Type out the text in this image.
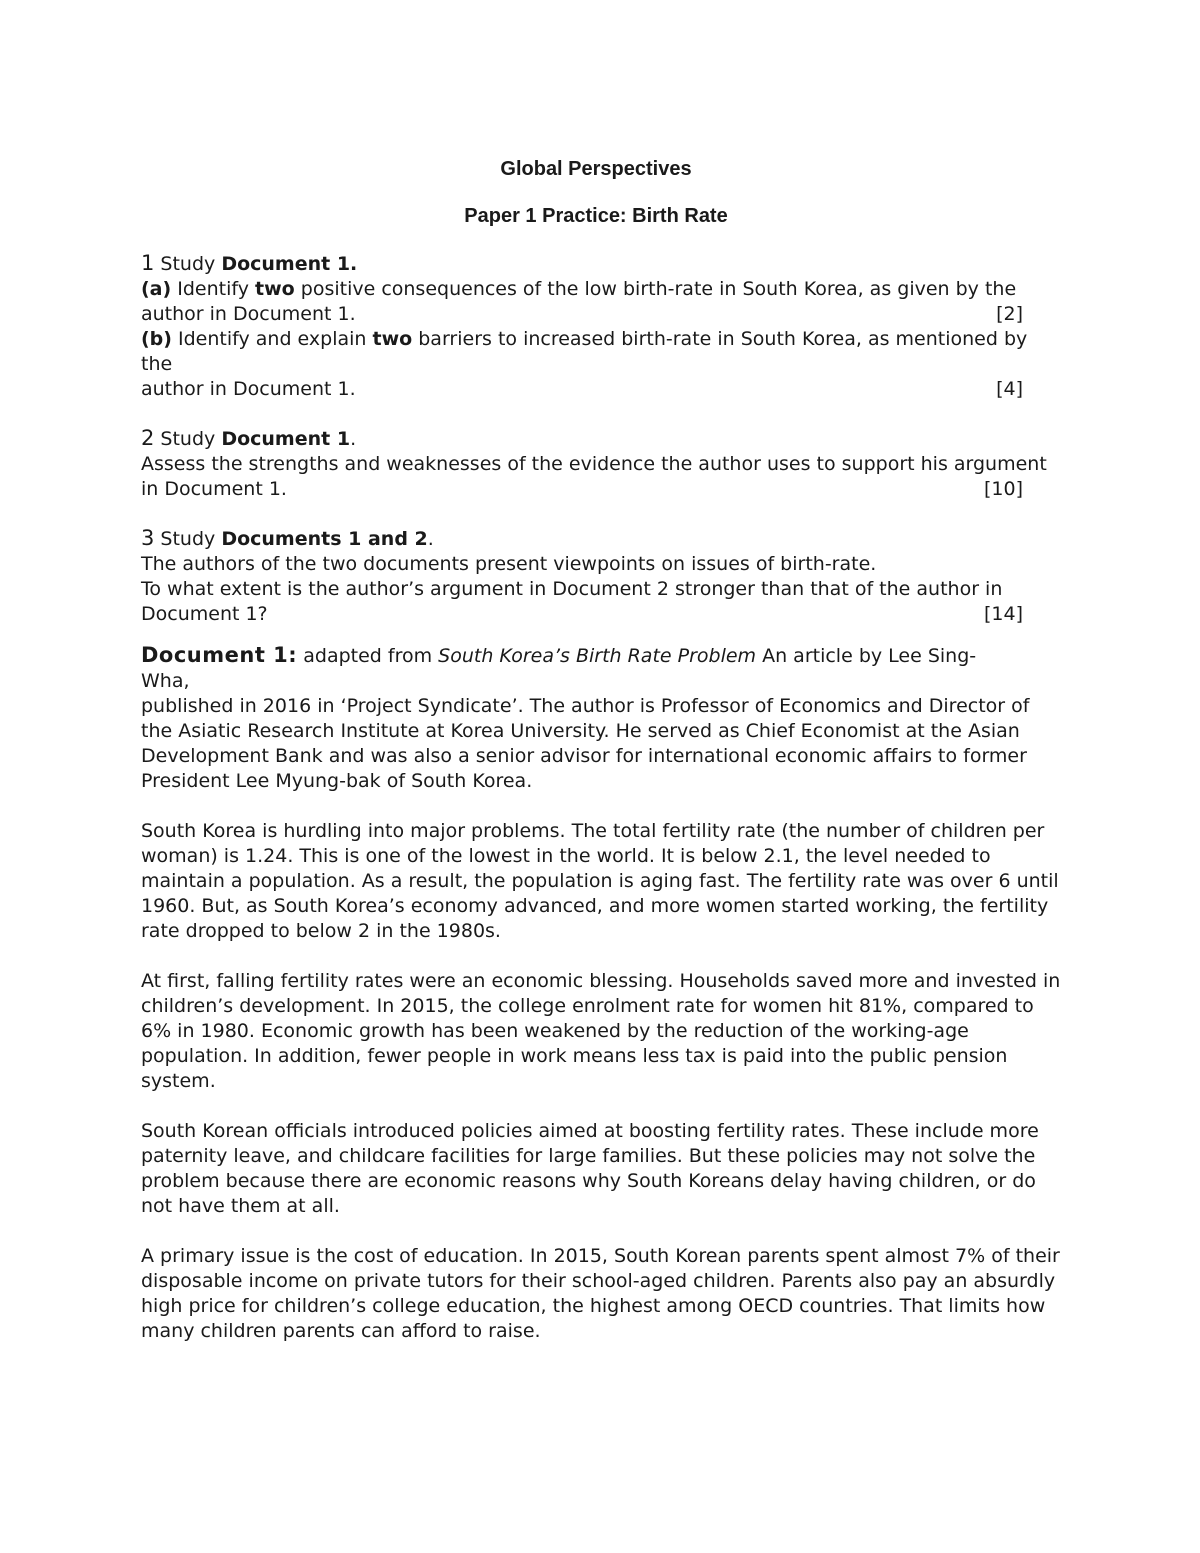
Global Perspectives
Paper 1 Practice: Birth Rate
1 Study Document 1.
(a) Identify two positive consequences of the low birth-rate in South Korea, as given by the
author in Document 1.	[2]
(b) Identify and explain two barriers to increased birth-rate in South Korea, as mentioned by
the
author in Document 1.	[4]
2 Study Document 1.
Assess the strengths and weaknesses of the evidence the author uses to support his argument
in Document 1.	[10]
3 Study Documents 1 and 2.
The authors of the two documents present viewpoints on issues of birth-rate.
To what extent is the author’s argument in Document 2 stronger than that of the author in
Document 1?	[14]
Document 1: adapted from South Korea’s Birth Rate Problem An article by Lee Sing-
Wha,
published in 2016 in ‘Project Syndicate’. The author is Professor of Economics and Director of
the Asiatic Research Institute at Korea University. He served as Chief Economist at the Asian
Development Bank and was also a senior advisor for international economic affairs to former
President Lee Myung-bak of South Korea.

South Korea is hurdling into major problems. The total fertility rate (the number of children per
woman) is 1.24. This is one of the lowest in the world. It is below 2.1, the level needed to
maintain a population. As a result, the population is aging fast. The fertility rate was over 6 until
1960. But, as South Korea’s economy advanced, and more women started working, the fertility
rate dropped to below 2 in the 1980s.

At first, falling fertility rates were an economic blessing. Households saved more and invested in
children’s development. In 2015, the college enrolment rate for women hit 81%, compared to
6% in 1980. Economic growth has been weakened by the reduction of the working-age
population. In addition, fewer people in work means less tax is paid into the public pension
system.

South Korean officials introduced policies aimed at boosting fertility rates. These include more
paternity leave, and childcare facilities for large families. But these policies may not solve the
problem because there are economic reasons why South Koreans delay having children, or do
not have them at all.

A primary issue is the cost of education. In 2015, South Korean parents spent almost 7% of their
disposable income on private tutors for their school-aged children. Parents also pay an absurdly
high price for children’s college education, the highest among OECD countries. That limits how
many children parents can afford to raise.
